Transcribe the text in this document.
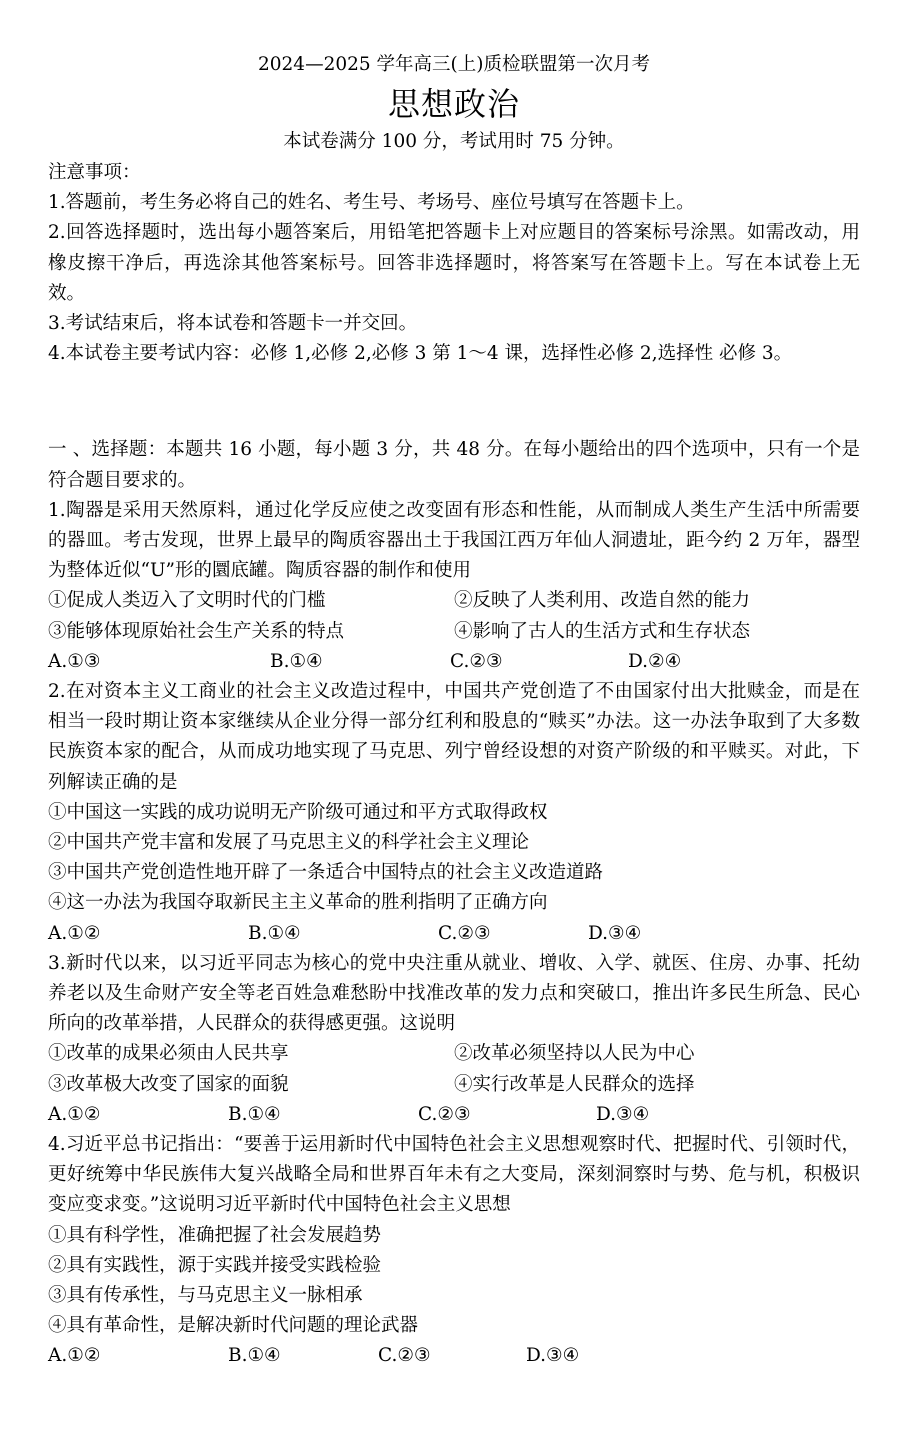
2024—2025 学年高三(上)质检联盟第一次月考
思想政治
本试卷满分 100 分，考试用时 75 分钟。
注意事项：
1.答题前，考生务必将自己的姓名、考生号、考场号、座位号填写在答题卡上。
2.回答选择题时，选出每小题答案后，用铅笔把答题卡上对应题目的答案标号涂黑。如需改动，用橡皮擦干净后，再选涂其他答案标号。回答非选择题时，将答案写在答题卡上。写在本试卷上无效。
3.考试结束后，将本试卷和答题卡一并交回。
4.本试卷主要考试内容：必修 1,必修 2,必修 3 第 1～4 课，选择性必修 2,选择性 必修 3。
一 、选择题：本题共 16 小题，每小题 3 分，共 48 分。在每小题给出的四个选项中，只有一个是符合题目要求的。
1.陶器是采用天然原料，通过化学反应使之改变固有形态和性能，从而制成人类生产生活中所需要的器皿。考古发现，世界上最早的陶质容器出土于我国江西万年仙人洞遗址，距今约 2 万年，器型为整体近似“U”形的圜底罐。陶质容器的制作和使用
①促成人类迈入了文明时代的门槛	②反映了人类利用、改造自然的能力
③能够体现原始社会生产关系的特点	④影响了古人的生活方式和生存状态
A.①③	B.①④	C.②③	D.②④
2.在对资本主义工商业的社会主义改造过程中，中国共产党创造了不由国家付出大批赎金，而是在相当一段时期让资本家继续从企业分得一部分红利和股息的“赎买”办法。这一办法争取到了大多数民族资本家的配合，从而成功地实现了马克思、列宁曾经设想的对资产阶级的和平赎买。对此，下列解读正确的是
①中国这一实践的成功说明无产阶级可通过和平方式取得政权
②中国共产党丰富和发展了马克思主义的科学社会主义理论
③中国共产党创造性地开辟了一条适合中国特点的社会主义改造道路
④这一办法为我国夺取新民主主义革命的胜利指明了正确方向
A.①②	B.①④	C.②③	D.③④
3.新时代以来，以习近平同志为核心的党中央注重从就业、增收、入学、就医、住房、办事、托幼养老以及生命财产安全等老百姓急难愁盼中找准改革的发力点和突破口，推出许多民生所急、民心所向的改革举措，人民群众的获得感更强。这说明
①改革的成果必须由人民共享	②改革必须坚持以人民为中心
③改革极大改变了国家的面貌	④实行改革是人民群众的选择
A.①②	B.①④	C.②③	D.③④
4.习近平总书记指出：“要善于运用新时代中国特色社会主义思想观察时代、把握时代、引领时代，更好统筹中华民族伟大复兴战略全局和世界百年未有之大变局，深刻洞察时与势、危与机，积极识变应变求变。”这说明习近平新时代中国特色社会主义思想
①具有科学性，准确把握了社会发展趋势
②具有实践性，源于实践并接受实践检验
③具有传承性，与马克思主义一脉相承
④具有革命性，是解决新时代问题的理论武器
A.①②	B.①④	C.②③	D.③④
